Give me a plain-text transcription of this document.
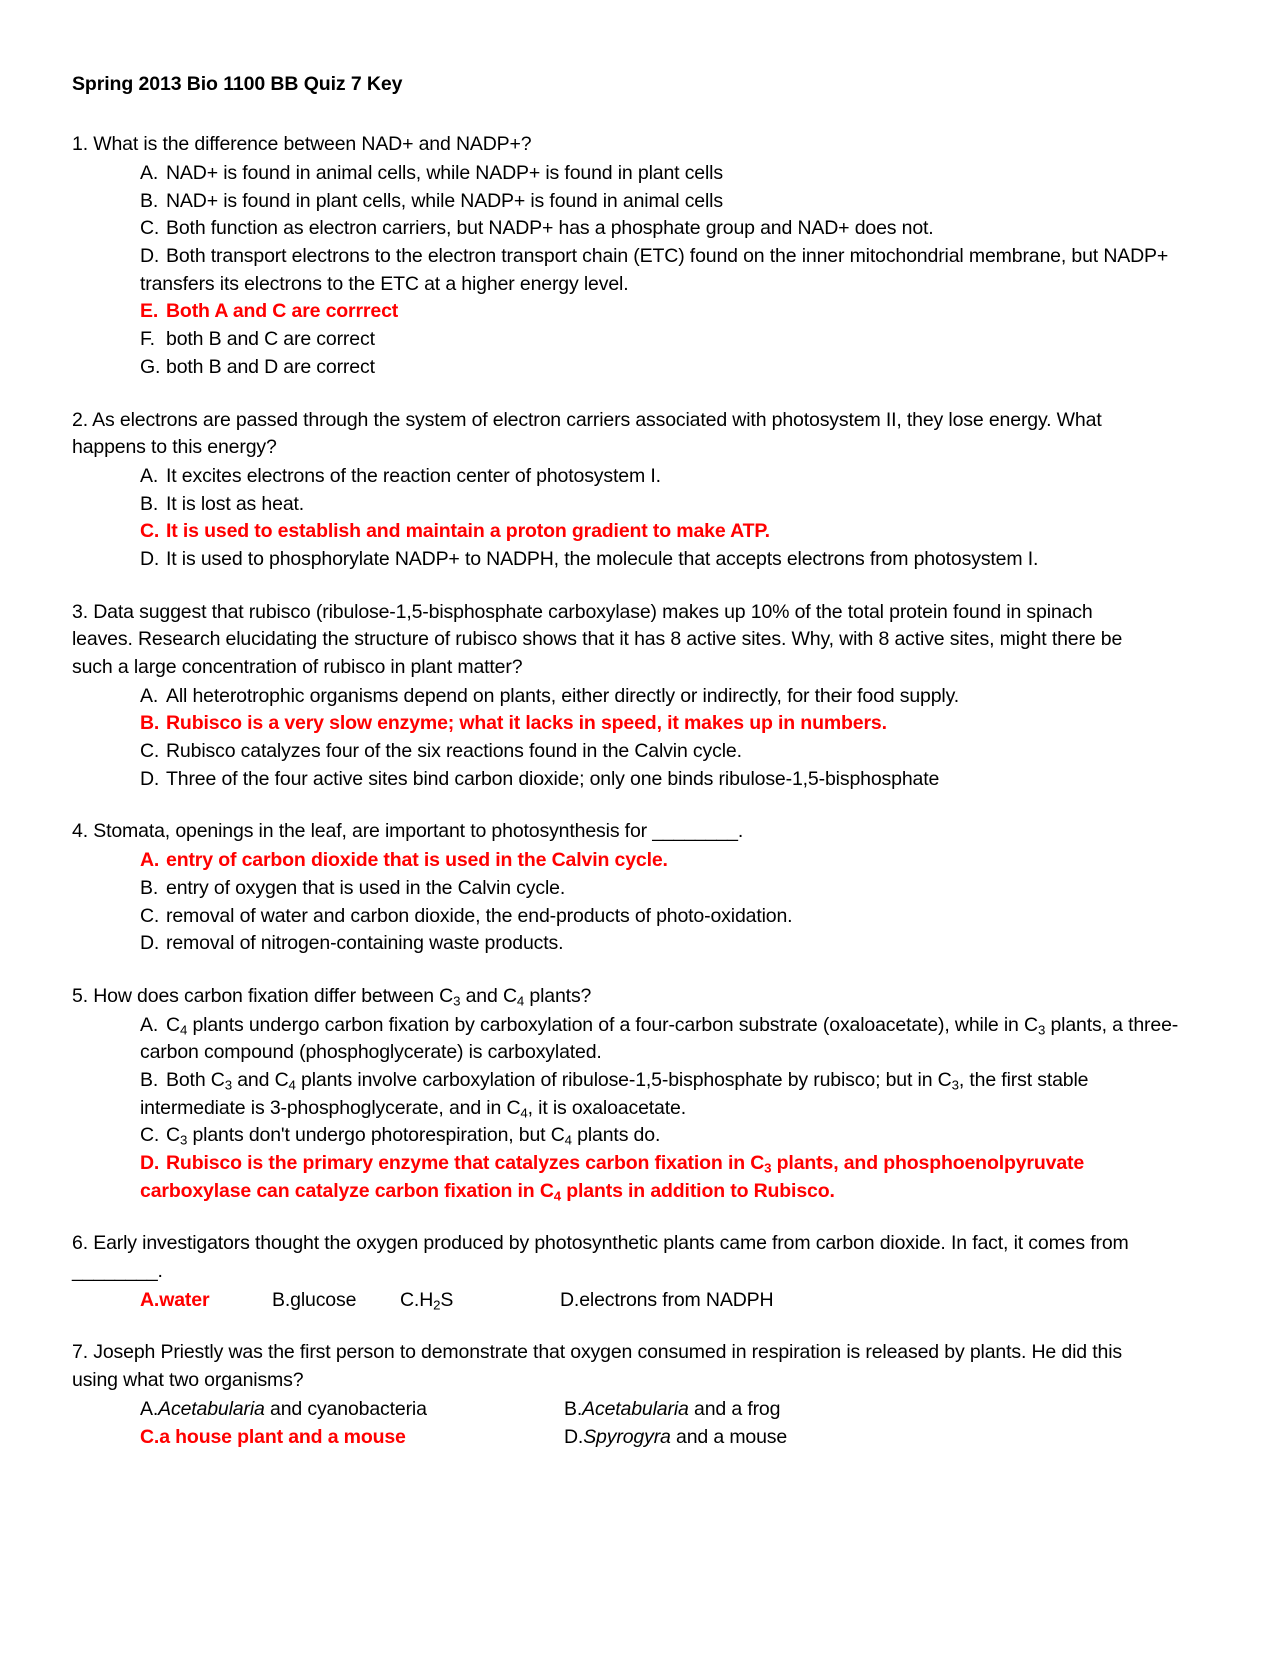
Spring 2013 Bio 1100 BB Quiz 7 Key

1. What is the difference between NAD+ and NADP+?

A. NAD+ is found in animal cells, while NADP+ is found in plant cells
B. NAD+ is found in plant cells, while NADP+ is found in animal cells
C. Both function as electron carriers, but NADP+ has a phosphate group and NAD+ does not.
D. Both transport electrons to the electron transport chain (ETC) found on the inner mitochondrial membrane, but NADP+ transfers its electrons to the ETC at a higher energy level.
E. Both A and C are corrrect
F. both B and C are correct
G. both B and D are correct

2. As electrons are passed through the system of electron carriers associated with photosystem II, they lose energy. What happens to this energy?

A. It excites electrons of the reaction center of photosystem I.
B. It is lost as heat.
C. It is used to establish and maintain a proton gradient to make ATP.
D. It is used to phosphorylate NADP+ to NADPH, the molecule that accepts electrons from photosystem I.

3. Data suggest that rubisco (ribulose-1,5-bisphosphate carboxylase) makes up 10% of the total protein found in spinach leaves. Research elucidating the structure of rubisco shows that it has 8 active sites. Why, with 8 active sites, might there be such a large concentration of rubisco in plant matter?

A. All heterotrophic organisms depend on plants, either directly or indirectly, for their food supply.
B. Rubisco is a very slow enzyme; what it lacks in speed, it makes up in numbers.
C. Rubisco catalyzes four of the six reactions found in the Calvin cycle.
D. Three of the four active sites bind carbon dioxide; only one binds ribulose-1,5-bisphosphate

4. Stomata, openings in the leaf, are important to photosynthesis for ________.

A. entry of carbon dioxide that is used in the Calvin cycle.
B. entry of oxygen that is used in the Calvin cycle.
C. removal of water and carbon dioxide, the end-products of photo-oxidation.
D. removal of nitrogen-containing waste products.

5. How does carbon fixation differ between $C_3$ and $C_4$ plants?

A. $C_4$ plants undergo carbon fixation by carboxylation of a four-carbon substrate (oxaloacetate), while in $C_3$ plants, a three-carbon compound (phosphoglycerate) is carboxylated.
B. Both $C_3$ and $C_4$ plants involve carboxylation of ribulose-1,5-bisphosphate by rubisco; but in $C_3$, the first stable intermediate is 3-phosphoglycerate, and in $C_4$, it is oxaloacetate.
C. $C_3$ plants don't undergo photorespiration, but $C_4$ plants do.
D. Rubisco is the primary enzyme that catalyzes carbon fixation in $C_3$ plants, and phosphoenolpyruvate carboxylase can catalyze carbon fixation in $C_4$ plants in addition to Rubisco.

6. Early investigators thought the oxygen produced by photosynthetic plants came from carbon dioxide. In fact, it comes from ________.

A.water	B.glucose	$C.H_2S$	D.electrons from NADPH

7. Joseph Priestly was the first person to demonstrate that oxygen consumed in respiration is released by plants. He did this using what two organisms?

A.Acetabularia and cyanobacteria	B.Acetabularia and a frog
C.a house plant and a mouse	D.Spyrogyra and a mouse
